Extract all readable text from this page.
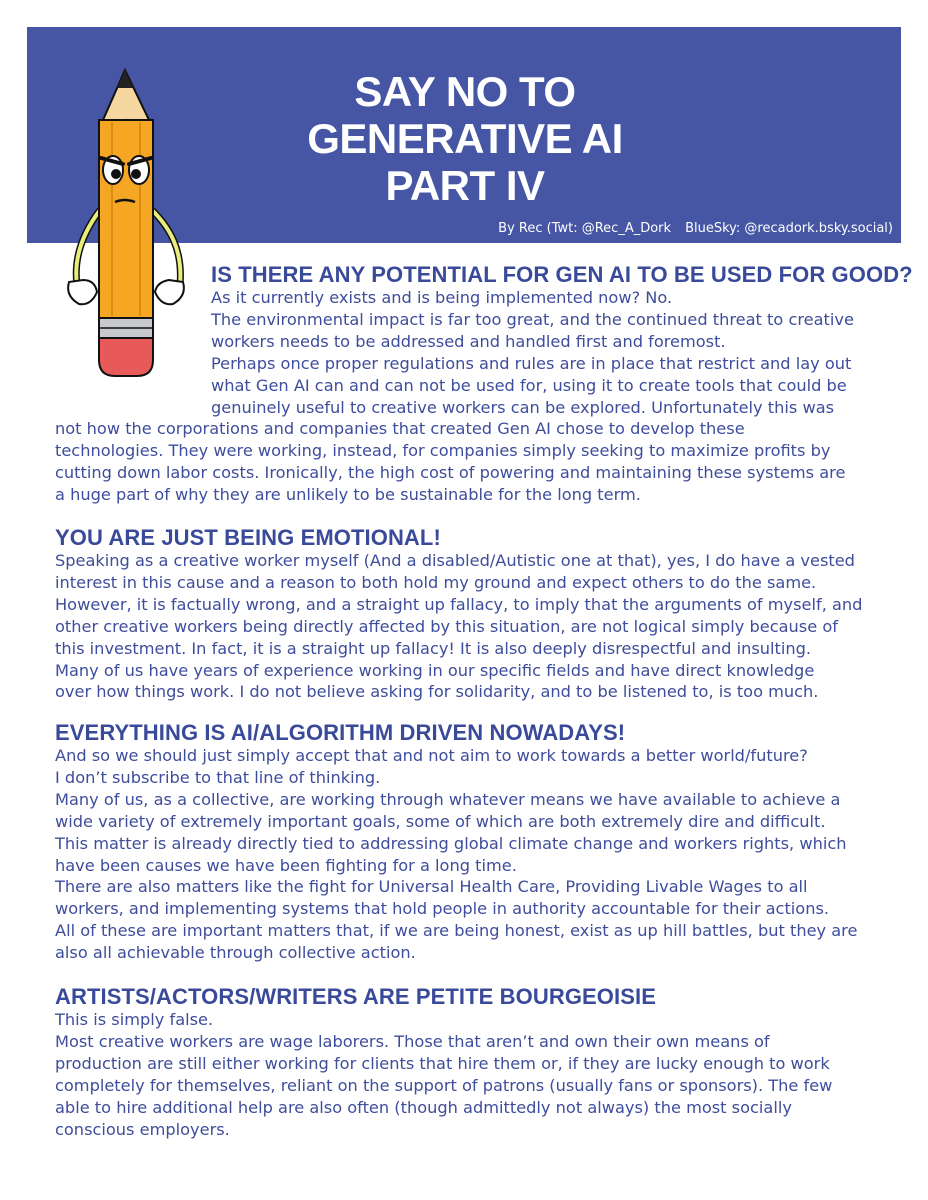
SAY NO TO
GENERATIVE AI
PART IV
By Rec (Twt: @Rec_A_Dork BlueSky: @recadork.bsky.social)
IS THERE ANY POTENTIAL FOR GEN AI TO BE USED FOR GOOD?

As it currently exists and is being implemented now? No.
The environmental impact is far too great, and the continued threat to creative
workers needs to be addressed and handled first and foremost.
Perhaps once proper regulations and rules are in place that restrict and lay out
what Gen AI can and can not be used for, using it to create tools that could be
genuinely useful to creative workers can be explored. Unfortunately this was

not how the corporations and companies that created Gen AI chose to develop these
technologies. They were working, instead, for companies simply seeking to maximize profits by
cutting down labor costs. Ironically, the high cost of powering and maintaining these systems are
a huge part of why they are unlikely to be sustainable for the long term.

YOU ARE JUST BEING EMOTIONAL!

Speaking as a creative worker myself (And a disabled/Autistic one at that), yes, I do have a vested
interest in this cause and a reason to both hold my ground and expect others to do the same.
However, it is factually wrong, and a straight up fallacy, to imply that the arguments of myself, and
other creative workers being directly affected by this situation, are not logical simply because of
this investment. In fact, it is a straight up fallacy! It is also deeply disrespectful and insulting.
Many of us have years of experience working in our specific fields and have direct knowledge
over how things work. I do not believe asking for solidarity, and to be listened to, is too much.

EVERYTHING IS AI/ALGORITHM DRIVEN NOWADAYS!

And so we should just simply accept that and not aim to work towards a better world/future?
I don’t subscribe to that line of thinking.
Many of us, as a collective, are working through whatever means we have available to achieve a
wide variety of extremely important goals, some of which are both extremely dire and difficult.
This matter is already directly tied to addressing global climate change and workers rights, which
have been causes we have been fighting for a long time.
There are also matters like the fight for Universal Health Care, Providing Livable Wages to all
workers, and implementing systems that hold people in authority accountable for their actions.
All of these are important matters that, if we are being honest, exist as up hill battles, but they are
also all achievable through collective action.

ARTISTS/ACTORS/WRITERS ARE PETITE BOURGEOISIE

This is simply false.
Most creative workers are wage laborers. Those that aren’t and own their own means of
production are still either working for clients that hire them or, if they are lucky enough to work
completely for themselves, reliant on the support of patrons (usually fans or sponsors). The few
able to hire additional help are also often (though admittedly not always) the most socially
conscious employers.
